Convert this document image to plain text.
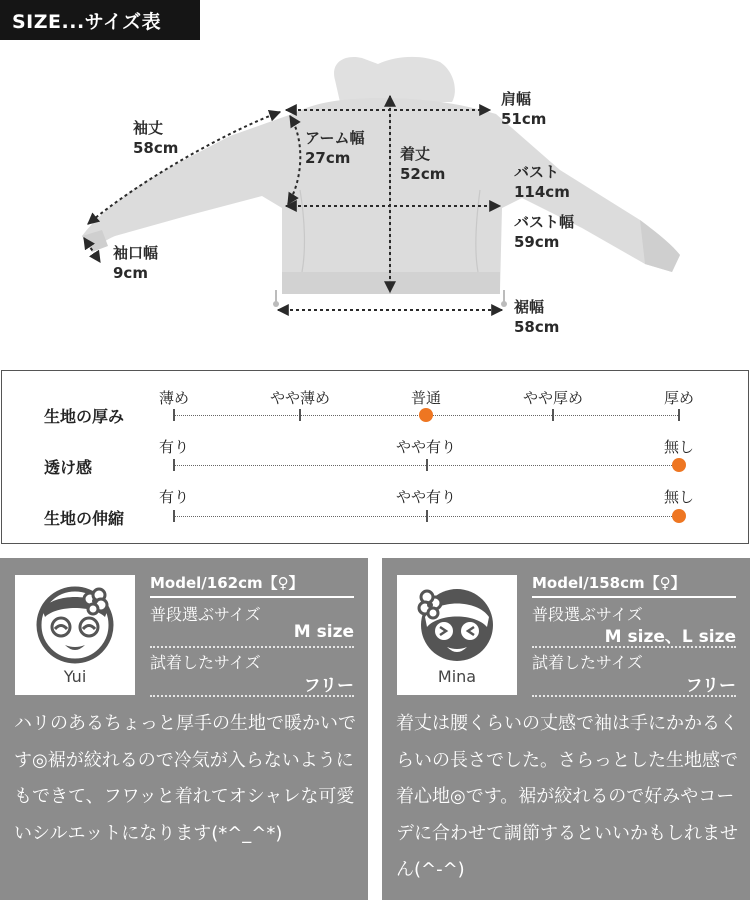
SIZE...サイズ表
袖丈
58cm
袖口幅
9cm
アーム幅
27cm	着丈
52cm
肩幅
51cm
バスト
114cm
バスト幅
59cm
裾幅
58cm
生地の厚み
薄め	やや薄め	普通	やや厚め	厚め
透け感
有り	やや有り	無し
生地の伸縮
有り	やや有り	無し
Yui
Model/162cm【♀】
普段選ぶサイズ
M size
試着したサイズ
フリー
ハリのあるちょっと厚手の生地で暖かいです◎裾が絞れるので冷気が入らないようにもできて、フワッと着れてオシャレな可愛いシルエットになります(*^_^*)
Mina
Model/158cm【♀】
普段選ぶサイズ
M size、L size
試着したサイズ
フリー
着丈は腰くらいの丈感で袖は手にかかるくらいの長さでした。さらっとした生地感で着心地◎です。裾が絞れるので好みやコーデに合わせて調節するといいかもしれません(^-^)
